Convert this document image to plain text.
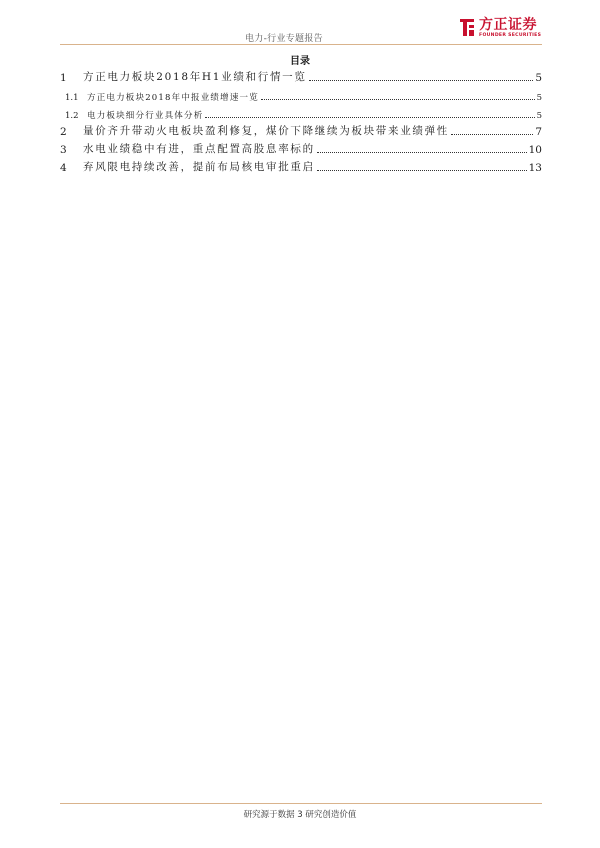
电力-行业专题报告
方正证券
FOUNDER SECURITIES
目录
1	方正电力板块2018年H1业绩和行情一览	5
1.1 方正电力板块2018年中报业绩增速一览	5
1.2 电力板块细分行业具体分析	5
2	量价齐升带动火电板块盈利修复，煤价下降继续为板块带来业绩弹性	7
3	水电业绩稳中有进，重点配置高股息率标的	10
4	弃风限电持续改善，提前布局核电审批重启	13
研究源于数据 3 研究创造价值
